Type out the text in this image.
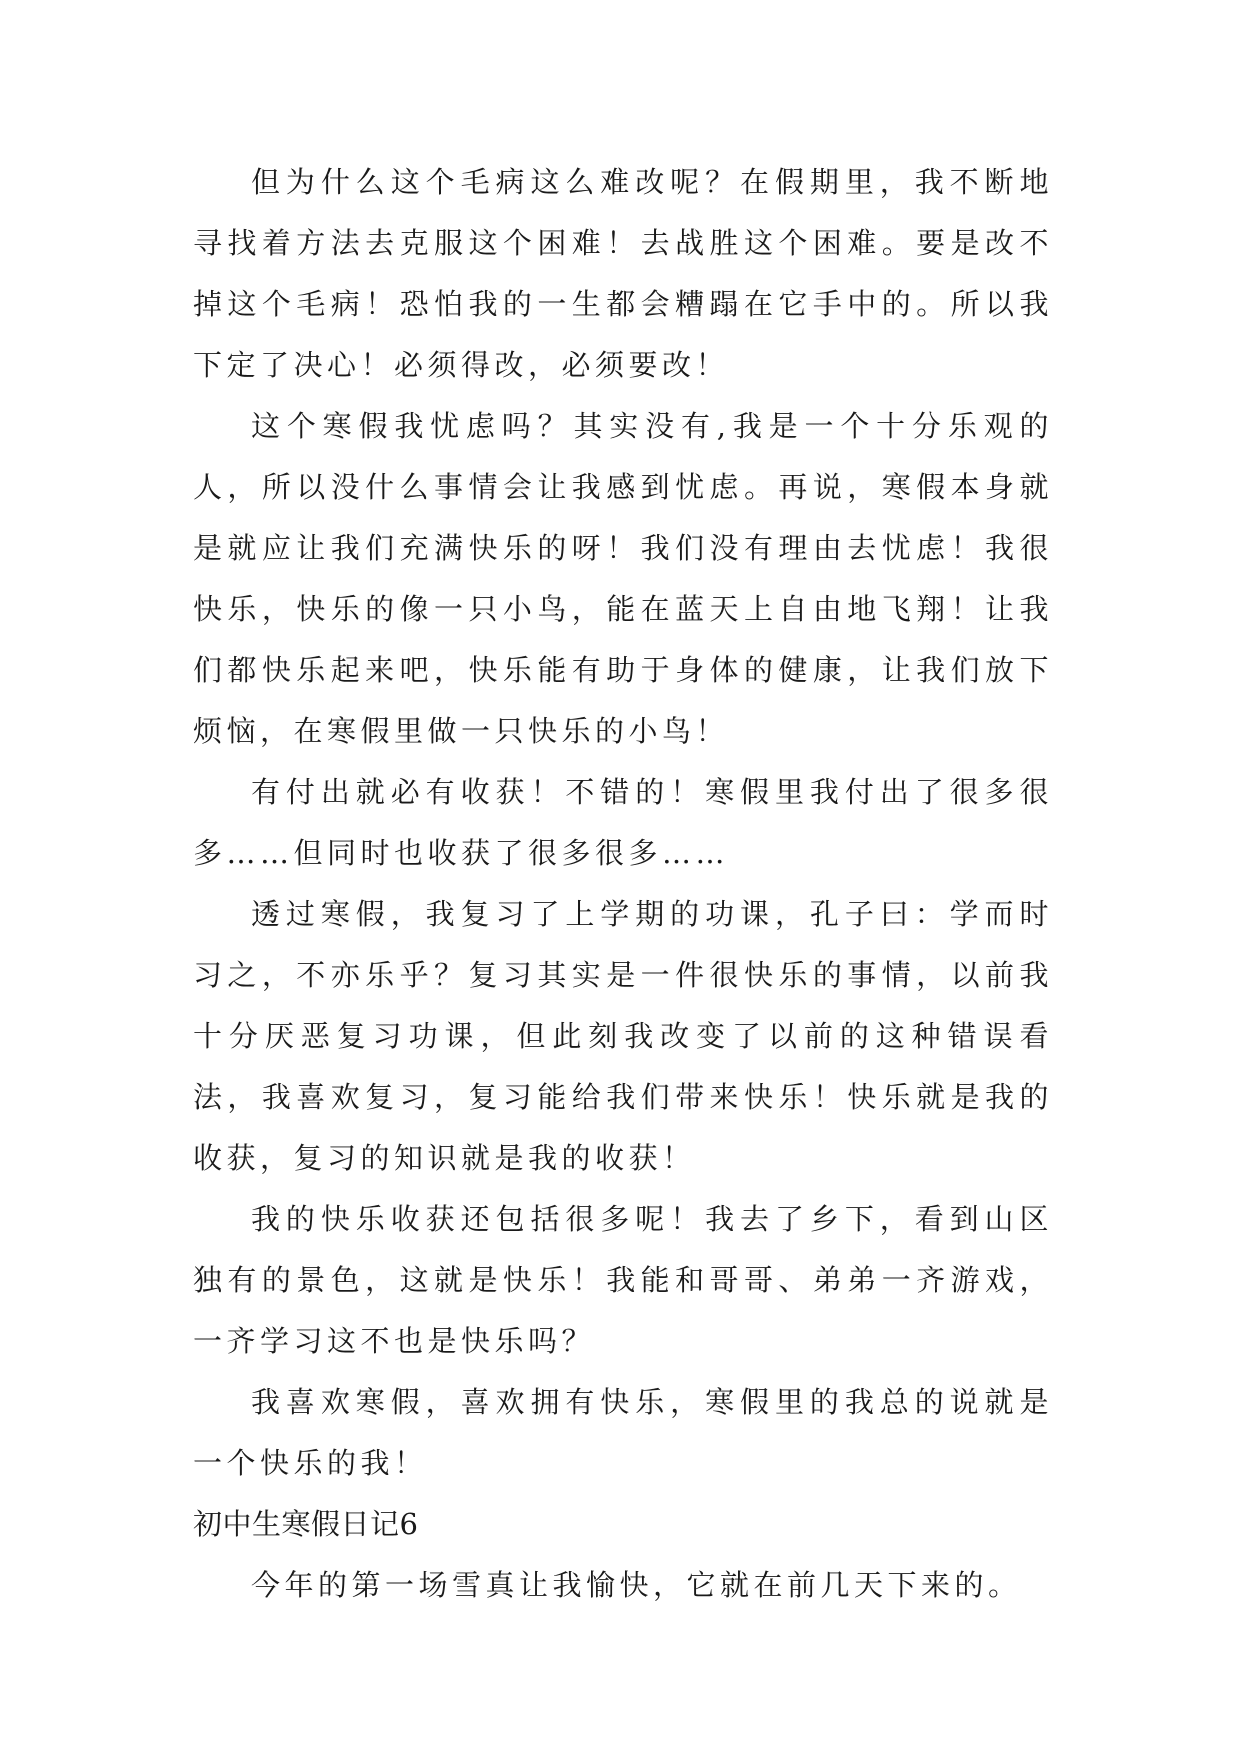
但为什么这个毛病这么难改呢？在假期里，我不断地寻找着方法去克服这个困难！去战胜这个困难。要是改不掉这个毛病！恐怕我的一生都会糟蹋在它手中的。所以我下定了决心！必须得改，必须要改！

这个寒假我忧虑吗？其实没有,我是一个十分乐观的人，所以没什么事情会让我感到忧虑。再说，寒假本身就是就应让我们充满快乐的呀！我们没有理由去忧虑！我很快乐，快乐的像一只小鸟，能在蓝天上自由地飞翔！让我们都快乐起来吧，快乐能有助于身体的健康，让我们放下烦恼，在寒假里做一只快乐的小鸟！

有付出就必有收获！不错的！寒假里我付出了很多很多……但同时也收获了很多很多……

透过寒假，我复习了上学期的功课，孔子曰：学而时习之，不亦乐乎？复习其实是一件很快乐的事情，以前我十分厌恶复习功课，但此刻我改变了以前的这种错误看法，我喜欢复习，复习能给我们带来快乐！快乐就是我的收获，复习的知识就是我的收获！

我的快乐收获还包括很多呢！我去了乡下，看到山区独有的景色，这就是快乐！我能和哥哥、弟弟一齐游戏，一齐学习这不也是快乐吗？

我喜欢寒假，喜欢拥有快乐，寒假里的我总的说就是一个快乐的我！

初中生寒假日记6

今年的第一场雪真让我愉快，它就在前几天下来的。
